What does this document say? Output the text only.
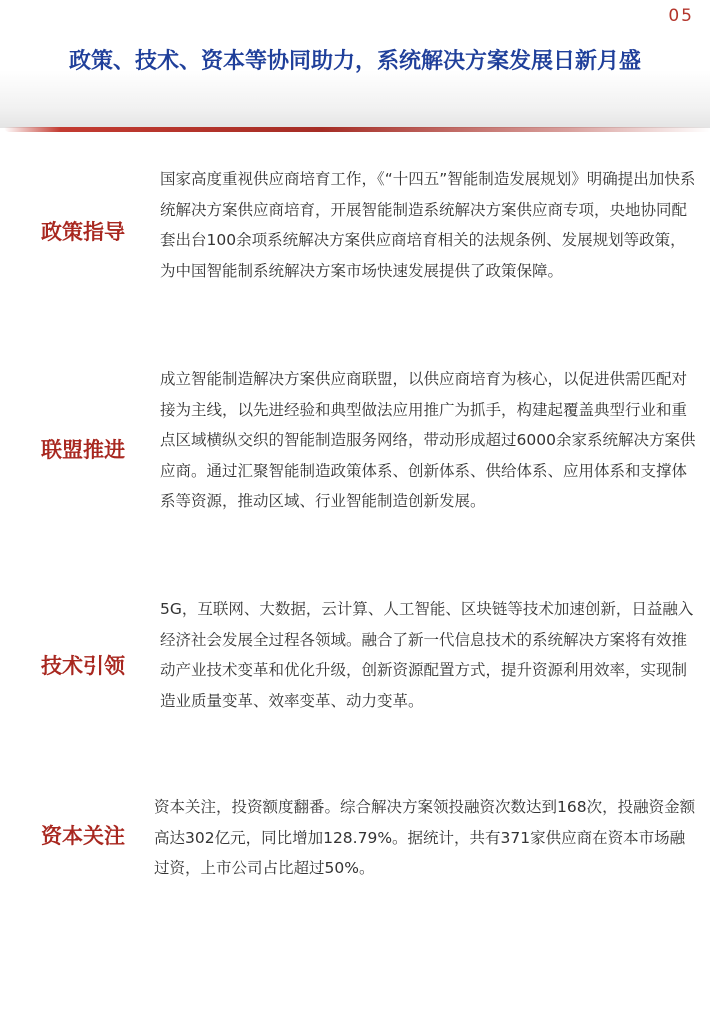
05
政策、技术、资本等协同助力，系统解决方案发展日新月盛
政策指导

国家高度重视供应商培育工作，《“十四五”智能制造发展规划》明确提出加快系统解决方案供应商培育，开展智能制造系统解决方案供应商专项，央地协同配套出台100余项系统解决方案供应商培育相关的法规条例、发展规划等政策，为中国智能制系统解决方案市场快速发展提供了政策保障。

联盟推进

成立智能制造解决方案供应商联盟，以供应商培育为核心，以促进供需匹配对接为主线，以先进经验和典型做法应用推广为抓手，构建起覆盖典型行业和重点区域横纵交织的智能制造服务网络，带动形成超过6000余家系统解决方案供应商。通过汇聚智能制造政策体系、创新体系、供给体系、应用体系和支撑体系等资源，推动区域、行业智能制造创新发展。

技术引领

5G，互联网、大数据，云计算、人工智能、区块链等技术加速创新，日益融入经济社会发展全过程各领域。融合了新一代信息技术的系统解决方案将有效推动产业技术变革和优化升级，创新资源配置方式，提升资源利用效率，实现制造业质量变革、效率变革、动力变革。

资本关注

资本关注，投资额度翻番。综合解决方案领投融资次数达到168次，投融资金额高达302亿元，同比增加128.79%。据统计，共有371家供应商在资本市场融过资，上市公司占比超过50%。
